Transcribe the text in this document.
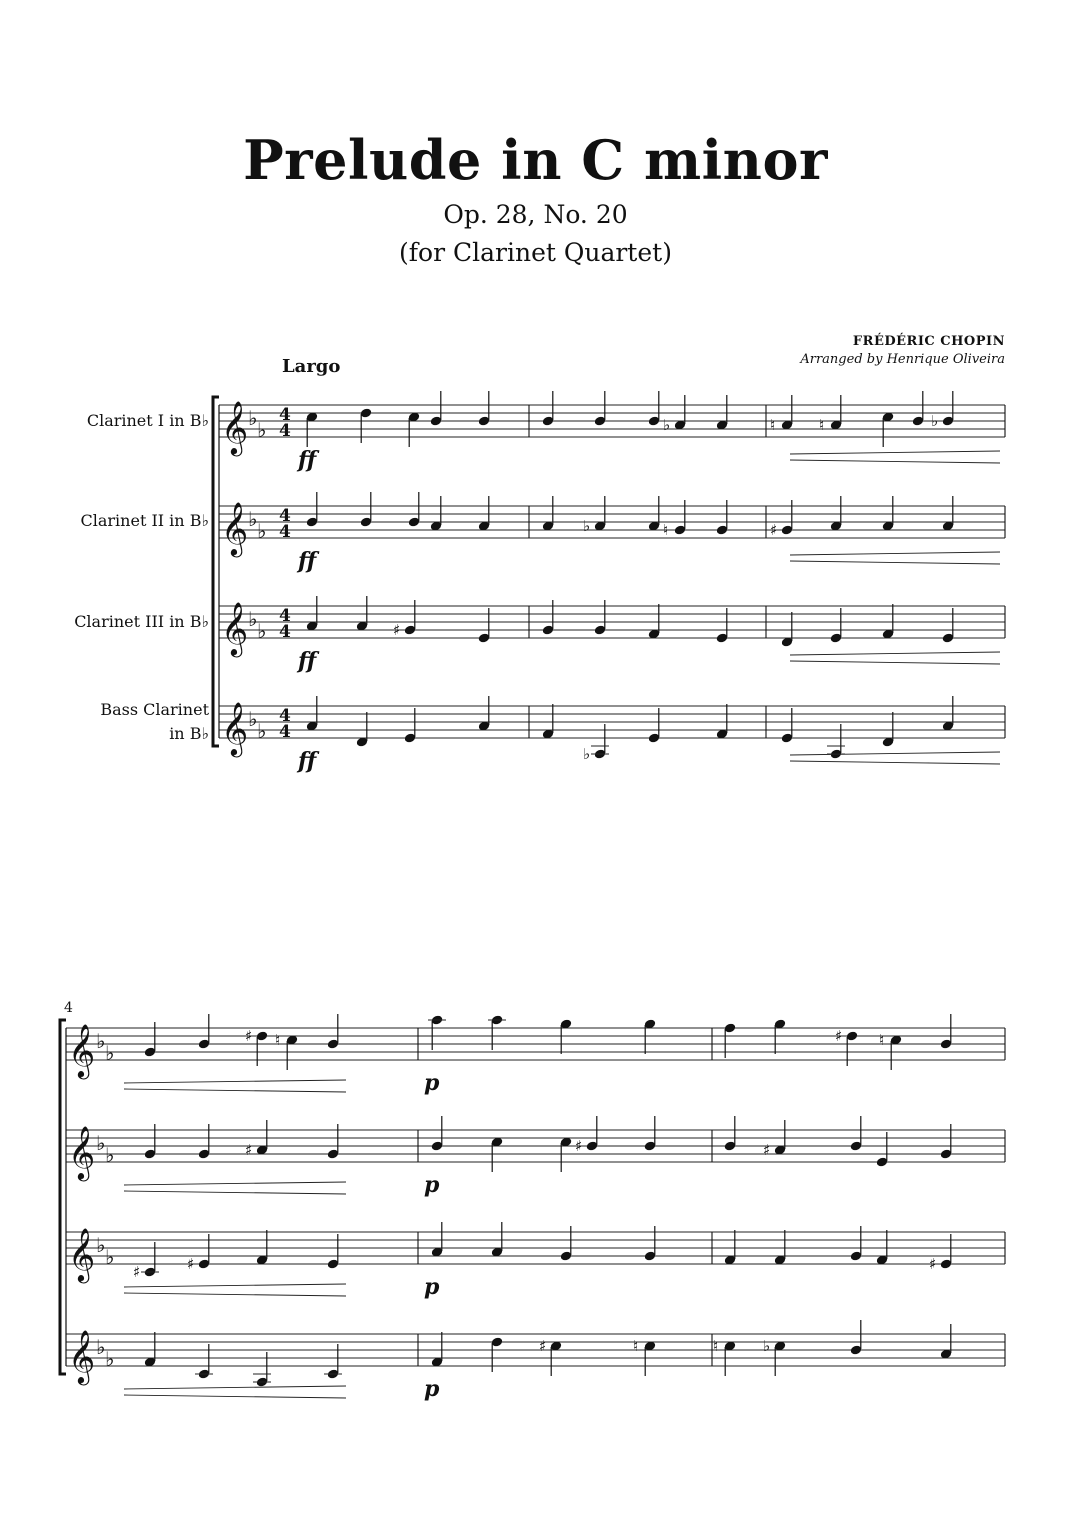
Prelude in C minor
Op. 28, No. 20
(for Clarinet Quartet)
FRÉDÉRIC CHOPIN
Arranged by Henrique Oliveira
Largo
Clarinet I in B♭
Clarinet II in B♭
Clarinet III in B♭
Bass Clarinet
in B♭
4
𝄞 ♭ ♭
4
4
𝄞 ♭ ♭
4
4
𝄞 ♭ ♭
4
4
𝄞 ♭ ♭
4
4
♭	♮	♮	♭
ff
♭	♮	♯
ff
♯
ff
♭
ff
𝄞 ♭ ♭
𝄞 ♭ ♭
𝄞 ♭ ♭
𝄞 ♭ ♭
♯ ♮	♯ ♮
p
♯	♯	♯
p
♯	♯	♯
p
♯	♮	♮	♭
p
